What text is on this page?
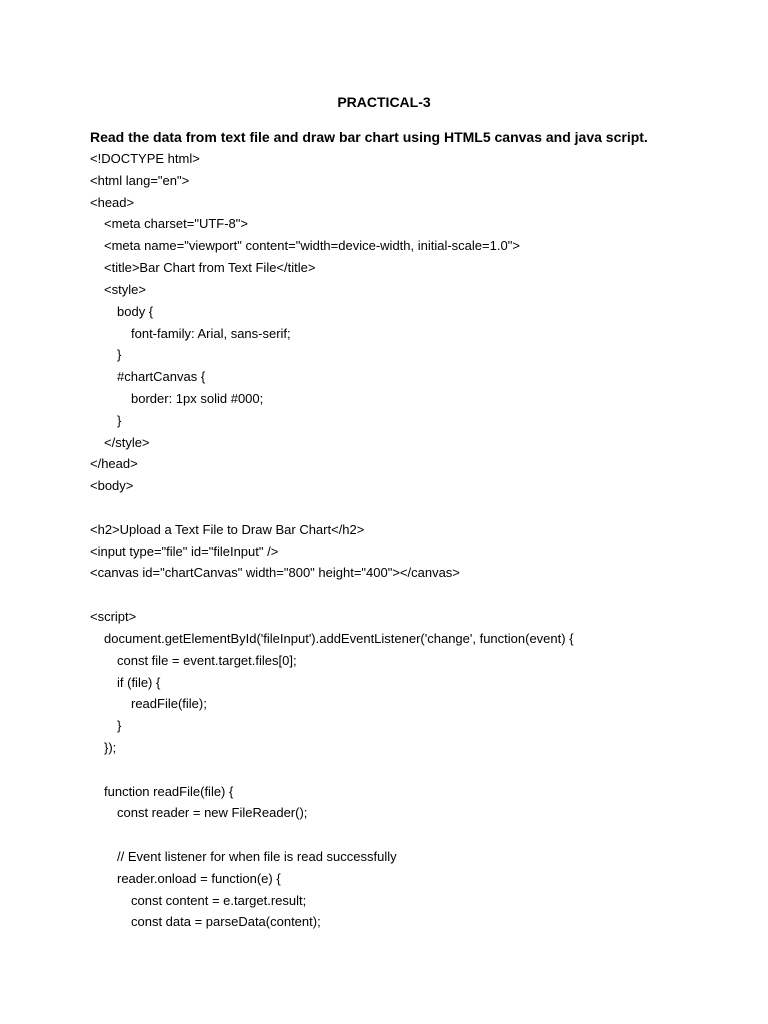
PRACTICAL-3
Read the data from text file and draw bar chart using HTML5 canvas and java script.
<!DOCTYPE html>
<html lang="en">
<head>
<meta charset="UTF-8">
<meta name="viewport" content="width=device-width, initial-scale=1.0">
<title>Bar Chart from Text File</title>
<style>
body {
font-family: Arial, sans-serif;
}
#chartCanvas {
border: 1px solid #000;
}
</style>
</head>
<body>
<h2>Upload a Text File to Draw Bar Chart</h2>
<input type="file" id="fileInput" />
<canvas id="chartCanvas" width="800" height="400"></canvas>
<script>
document.getElementById('fileInput').addEventListener('change', function(event) {
const file = event.target.files[0];
if (file) {
readFile(file);
}
});
function readFile(file) {
const reader = new FileReader();
// Event listener for when file is read successfully
reader.onload = function(e) {
const content = e.target.result;
const data = parseData(content);
